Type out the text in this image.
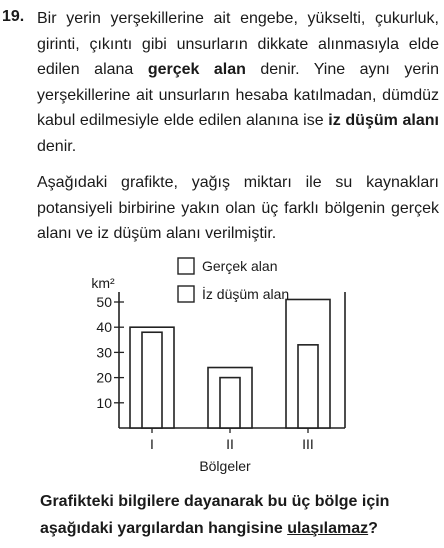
19. Bir yerin yerşekillerine ait engebe, yükselti, çukurluk, girinti, çıkıntı gibi unsurların dikkate alınmasıyla elde edilen alana gerçek alan denir. Yine aynı yerin yerşekillerine ait unsurların hesaba katılmadan, dümdüz kabul edilmesiyle elde edilen alanına ise iz düşüm alanı denir.

Aşağıdaki grafikte, yağış miktarı ile su kaynakları potansiyeli birbirine yakın olan üç farklı bölgenin gerçek alanı ve iz düşüm alanı verilmiştir.

10
20
30
40
50
km²
I	II	III
Bölgeler
Gerçek alan
İz düşüm alan
Grafikteki bilgilere dayanarak bu üç bölge için aşağıdaki yargılardan hangisine ulaşılamaz?
